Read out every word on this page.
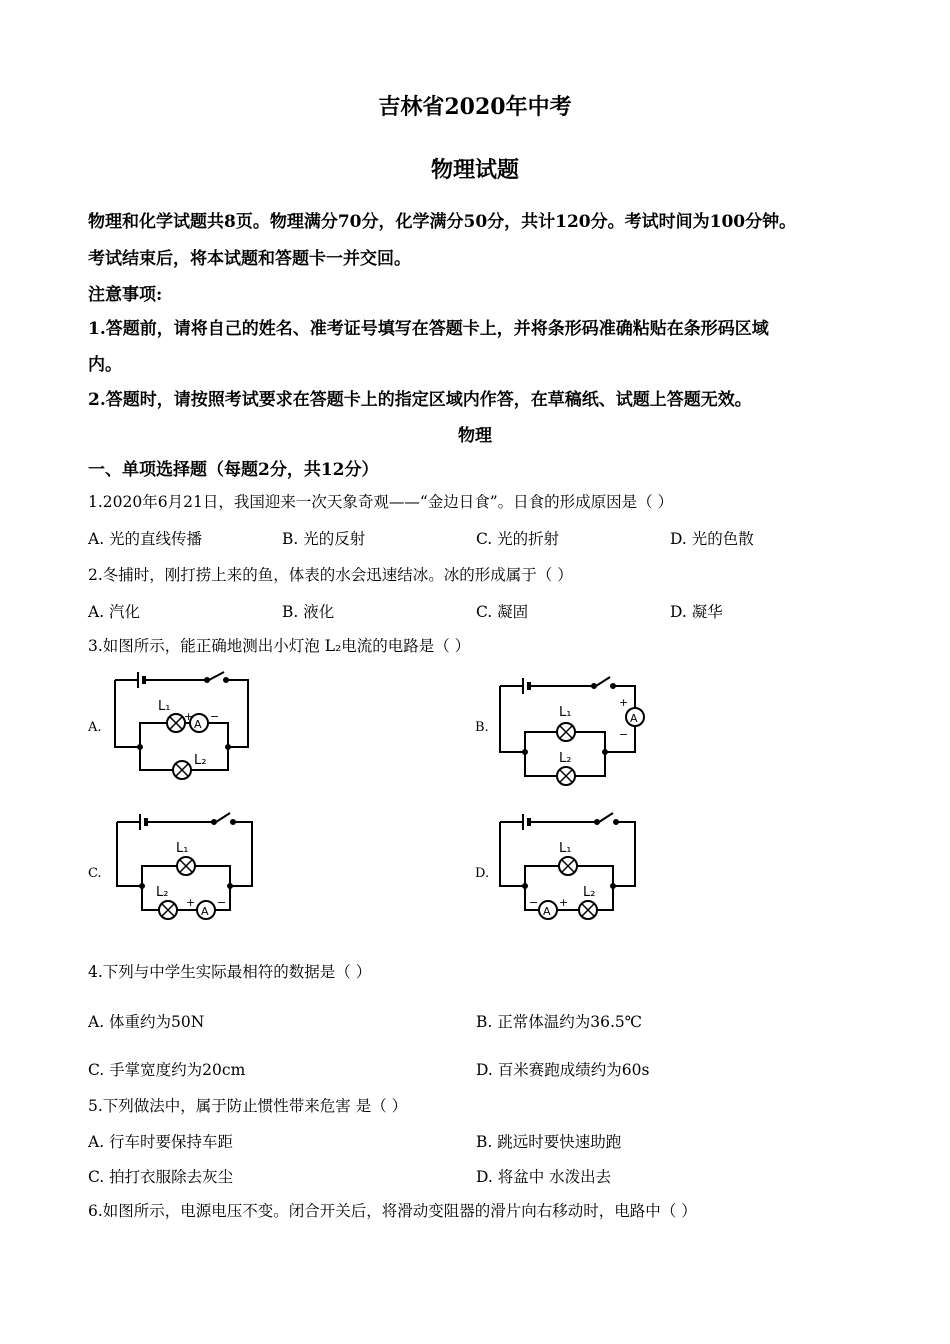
吉林省2020年中考
物理试题
物理和化学试题共8页。物理满分70分，化学满分50分，共计120分。考试时间为100分钟。
考试结束后，将本试题和答题卡一并交回。
注意事项:
1.答题前，请将自己的姓名、准考证号填写在答题卡上，并将条形码准确粘贴在条形码区域
内。
2.答题时，请按照考试要求在答题卡上的指定区域内作答，在草稿纸、试题上答题无效。
物理
一、单项选择题（每题2分，共12分）
1.2020年6月21日，我国迎来一次天象奇观——“金边日食”。日食的形成原因是（ ）
A. 光的直线传播	B. 光的反射	C. 光的折射	D. 光的色散
2.冬捕时，刚打捞上来的鱼，体表的水会迅速结冰。冰的形成属于（ ）
A. 汽化	B. 液化	C. 凝固	D. 凝华
3.如图所示，能正确地测出小灯泡 L₂电流的电路是（ ）
A.
L₁
A
+ −
L₂
B.
L₁
L₂
A
+
−
C.
L₁
L₂
A
+ −
D.
L₁
L₂
A
− +
4.下列与中学生实际最相符的数据是（ ）
A. 体重约为50N	B. 正常体温约为36.5℃
C. 手掌宽度约为20cm	D. 百米赛跑成绩约为60s
5.下列做法中，属于防止惯性带来危害 是（ ）
A. 行车时要保持车距	B. 跳远时要快速助跑
C. 拍打衣服除去灰尘	D. 将盆中 水泼出去
6.如图所示，电源电压不变。闭合开关后，将滑动变阻器的滑片向右移动时，电路中（ ）
